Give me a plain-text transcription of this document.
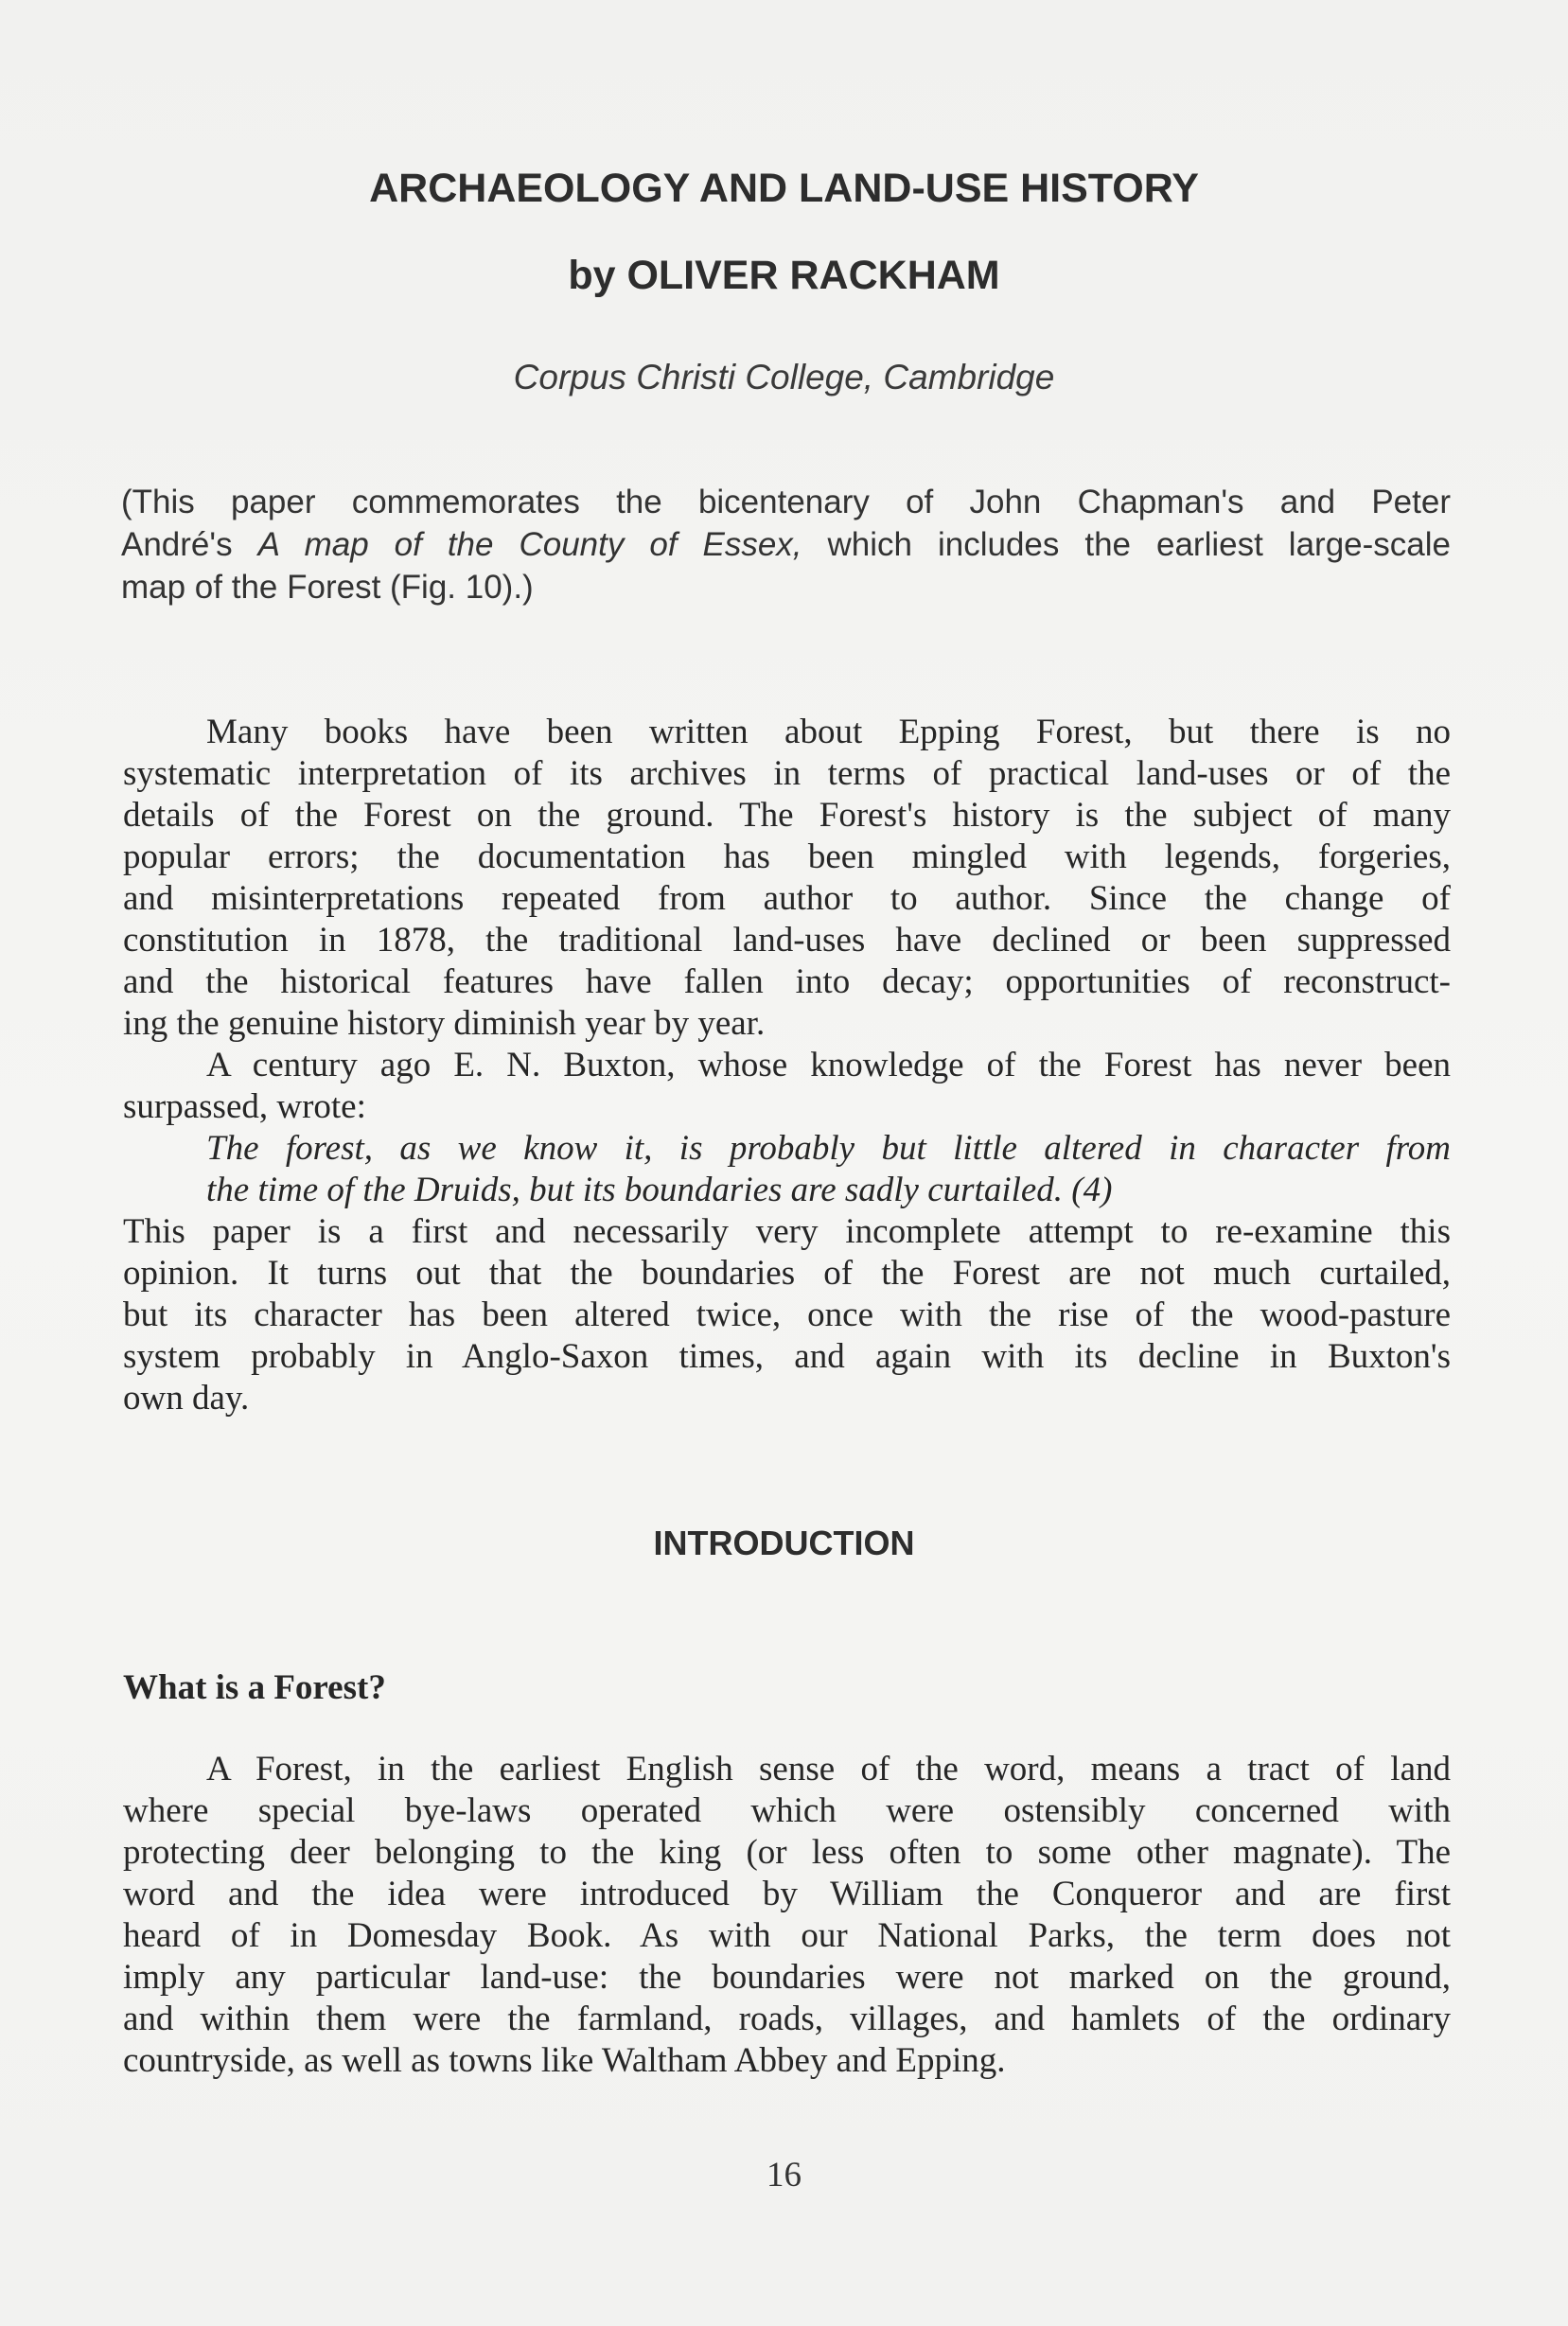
ARCHAEOLOGY AND LAND-USE HISTORY
by OLIVER RACKHAM
Corpus Christi College, Cambridge
(This paper commemorates the bicentenary of John Chapman's and Peter
André's A map of the County of Essex, which includes the earliest large-scale
map of the Forest (Fig. 10).)
Many books have been written about Epping Forest, but there is no
systematic interpretation of its archives in terms of practical land-uses or of the
details of the Forest on the ground. The Forest's history is the subject of many
popular errors; the documentation has been mingled with legends, forgeries,
and misinterpretations repeated from author to author. Since the change of
constitution in 1878, the traditional land-uses have declined or been suppressed
and the historical features have fallen into decay; opportunities of reconstruct-
ing the genuine history diminish year by year.
A century ago E. N. Buxton, whose knowledge of the Forest has never been
surpassed, wrote:
The forest, as we know it, is probably but little altered in character from
the time of the Druids, but its boundaries are sadly curtailed. (4)
This paper is a first and necessarily very incomplete attempt to re-examine this
opinion. It turns out that the boundaries of the Forest are not much curtailed,
but its character has been altered twice, once with the rise of the wood-pasture
system probably in Anglo-Saxon times, and again with its decline in Buxton's
own day.
INTRODUCTION
What is a Forest?
A Forest, in the earliest English sense of the word, means a tract of land
where special bye-laws operated which were ostensibly concerned with
protecting deer belonging to the king (or less often to some other magnate). The
word and the idea were introduced by William the Conqueror and are first
heard of in Domesday Book. As with our National Parks, the term does not
imply any particular land-use: the boundaries were not marked on the ground,
and within them were the farmland, roads, villages, and hamlets of the ordinary
countryside, as well as towns like Waltham Abbey and Epping.
16
